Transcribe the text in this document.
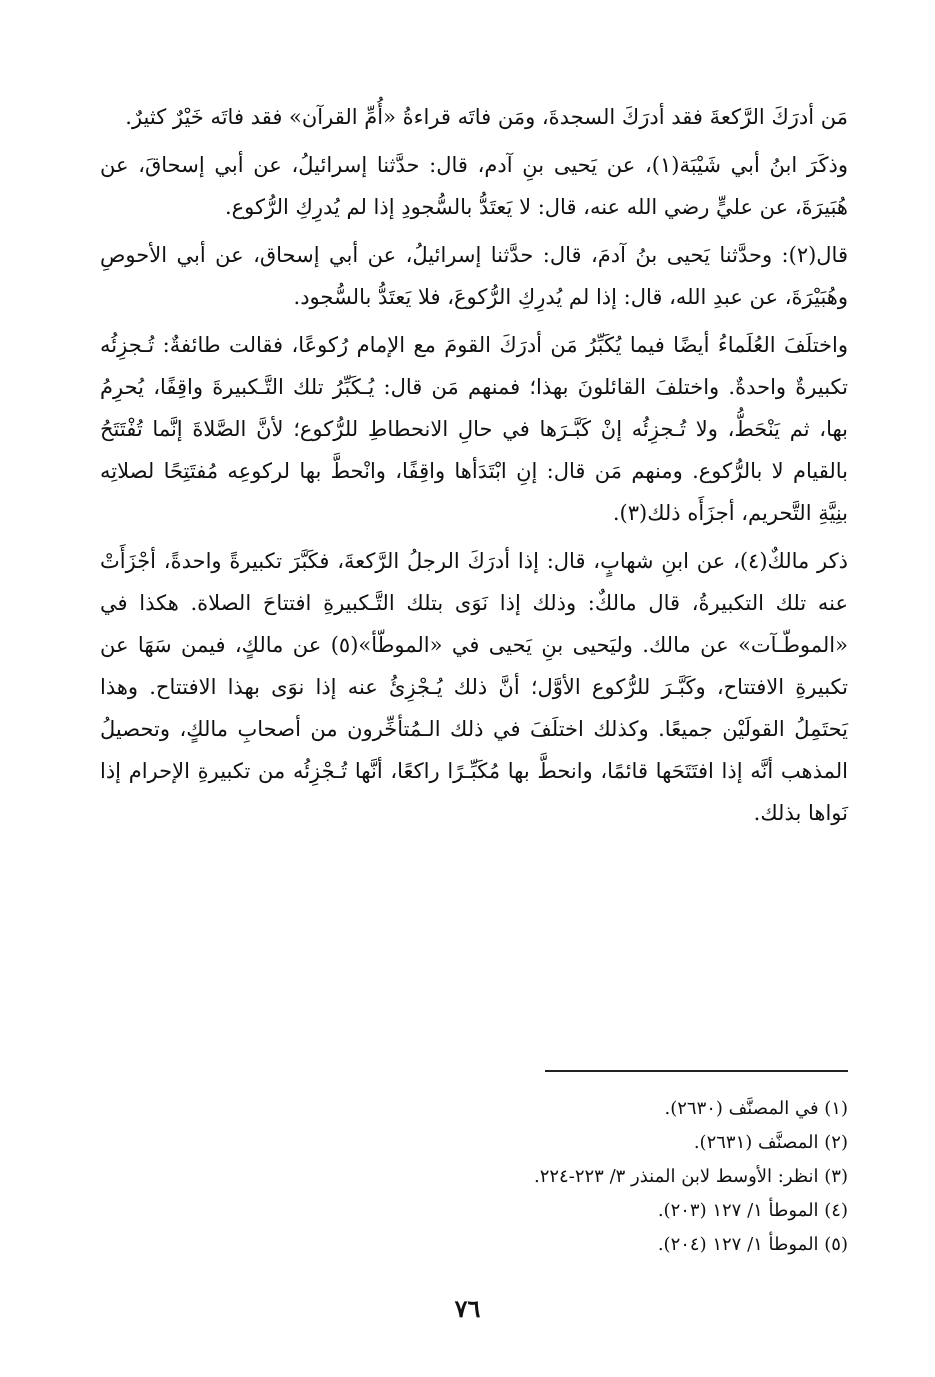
مَن أدرَكَ الرَّكعةَ فقد أدرَكَ السجدةَ، ومَن فاتَه قراءةُ «أُمِّ القرآن» فقد فاتَه خَيْرٌ كثيرٌ.

وذكَرَ ابنُ أبي شَيْبَة(١)، عن يَحيى بنِ آدم، قال: حدَّثنا إسرائيلُ، عن أبي إسحاقَ، عن هُبَيرَةَ، عن عليٍّ رضي الله عنه، قال: لا يَعتَدُّ بالسُّجودِ إذا لم يُدرِكِ الرُّكوع.

قال(٢): وحدَّثنا يَحيى بنُ آدمَ، قال: حدَّثنا إسرائيلُ، عن أبي إسحاق، عن أبي الأحوصِ وهُبَيْرَةَ، عن عبدِ الله، قال: إذا لم يُدرِكِ الرُّكوعَ، فلا يَعتَدُّ بالسُّجود.

واختلَفَ العُلَماءُ أيضًا فيما يُكَبِّرُ مَن أدرَكَ القومَ مع الإمام رُكوعًا، فقالت طائفةٌ: تُـجزِئُه تكبيرةٌ واحدةٌ. واختلفَ القائلونَ بهذا؛ فمنهم مَن قال: يُـكَبِّرُ تلك التَّـكبيرةَ واقِفًا، يُحرِمُ بها، ثم يَنْحَطُّ، ولا تُـجزِئُه إنْ كَبَّـرَها في حالِ الانحطاطِ للرُّكوع؛ لأنَّ الصَّلاةَ إنَّما تُفْتَتَحُ بالقيام لا بالرُّكوع. ومنهم مَن قال: إنِ ابْتَدَأها واقِفًا، وانْحطَّ بها لركوعِه مُفتَتِحًا لصلاتِه بنِيَّةِ التَّحريم، أجزَأَه ذلك(٣).

ذكر مالكٌ(٤)، عن ابنِ شهابٍ، قال: إذا أدرَكَ الرجلُ الرَّكعةَ، فكَبَّرَ تكبيرةً واحدةً، أجْزَأَتْ عنه تلك التكبيرةُ، قال مالكٌ: وذلك إذا نَوَى بتلك التَّـكبيرةِ افتتاحَ الصلاة. هكذا في «الموطّـآت» عن مالك. وليَحيى بنِ يَحيى في «الموطّأ»(٥) عن مالكٍ، فيمن سَهَا عن تكبيرةِ الافتتاح، وكَبَّـرَ للرُّكوع الأوَّل؛ أنَّ ذلك يُـجْزِئُ عنه إذا نوَى بهذا الافتتاح. وهذا يَحتَمِلُ القولَيْن جميعًا. وكذلك اختلَفَ في ذلك الـمُتأخِّرون من أصحابِ مالكٍ، وتحصيلُ المذهب أنَّه إذا افتَتَحَها قائمًا، وانحطَّ بها مُكَبِّـرًا راكعًا، أنَّها تُـجْزِئُه من تكبيرةِ الإحرام إذا نَواها بذلك.

(١) في المصنَّف (٢٦٣٠).
(٢) المصنَّف (٢٦٣١).
(٣) انظر: الأوسط لابن المنذر ٣/ ٢٢٣-٢٢٤.
(٤) الموطأ ١/ ١٢٧ (٢٠٣).
(٥) الموطأ ١/ ١٢٧ (٢٠٤).
٧٦
